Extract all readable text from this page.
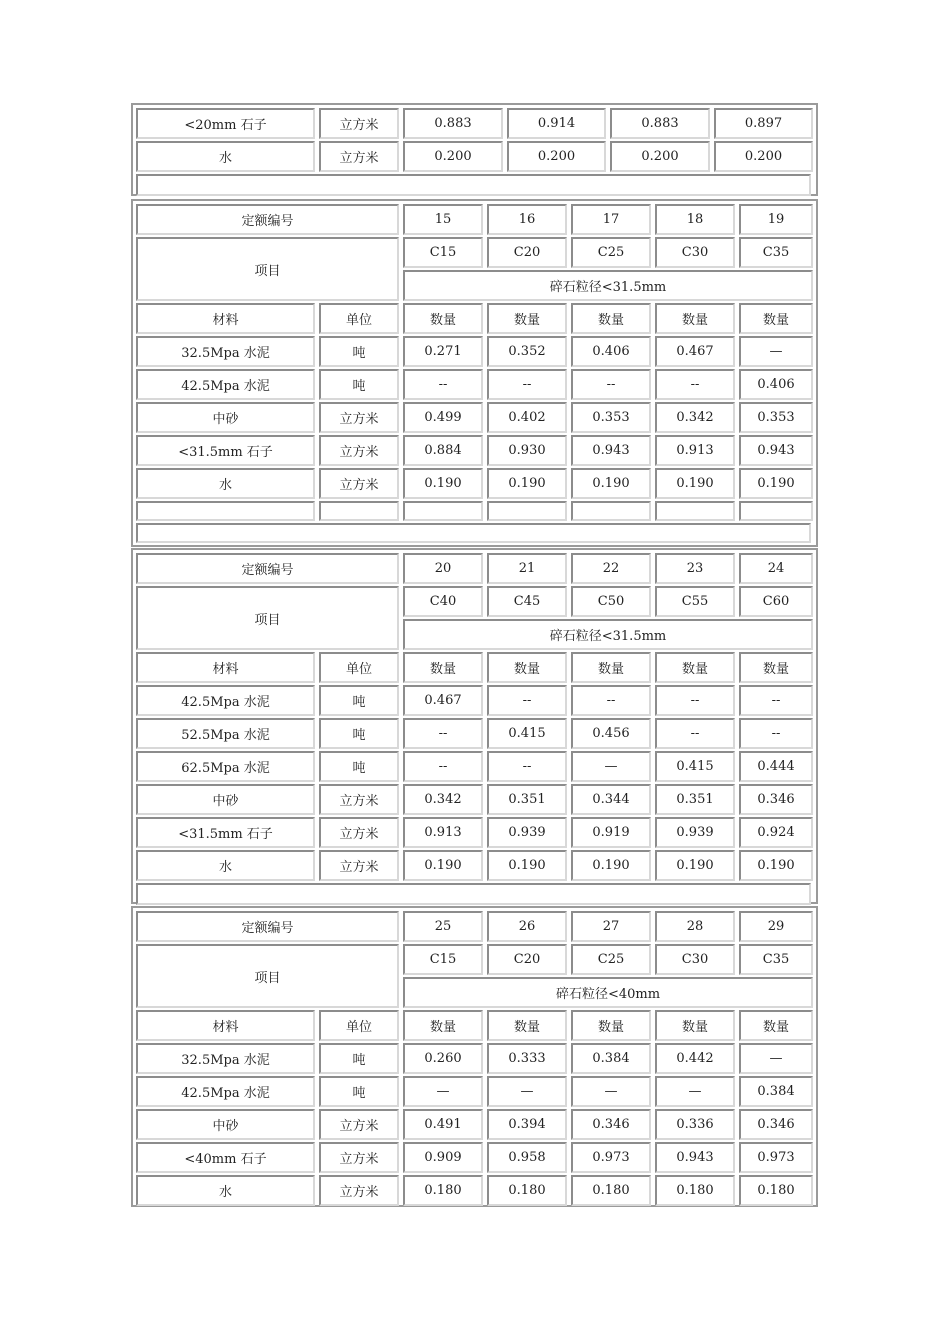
<20mm 石子	立方米	0.883	0.914	0.883	0.897
水	立方米	0.200	0.200	0.200	0.200
定额编号	15	16	17	18	19
项目
C15	C20	C25	C30	C35
碎石粒径<31.5mm
材料	单位	数量	数量	数量	数量	数量
32.5Mpa 水泥	吨	0.271	0.352	0.406	0.467	—
42.5Mpa 水泥	吨	--	--	--	--	0.406
中砂	立方米	0.499	0.402	0.353	0.342	0.353
<31.5mm 石子	立方米	0.884	0.930	0.943	0.913	0.943
水	立方米	0.190	0.190	0.190	0.190	0.190
定额编号	20	21	22	23	24
项目
C40	C45	C50	C55	C60
碎石粒径<31.5mm
材料	单位	数量	数量	数量	数量	数量
42.5Mpa 水泥	吨	0.467	--	--	--	--
52.5Mpa 水泥	吨	--	0.415	0.456	--	--
62.5Mpa 水泥	吨	--	--	—	0.415	0.444
中砂	立方米	0.342	0.351	0.344	0.351	0.346
<31.5mm 石子	立方米	0.913	0.939	0.919	0.939	0.924
水	立方米	0.190	0.190	0.190	0.190	0.190
定额编号	25	26	27	28	29
项目
C15	C20	C25	C30	C35
碎石粒径<40mm
材料	单位	数量	数量	数量	数量	数量
32.5Mpa 水泥	吨	0.260	0.333	0.384	0.442	—
42.5Mpa 水泥	吨	—	—	—	—	0.384
中砂	立方米	0.491	0.394	0.346	0.336	0.346
<40mm 石子	立方米	0.909	0.958	0.973	0.943	0.973
水	立方米	0.180	0.180	0.180	0.180	0.180
